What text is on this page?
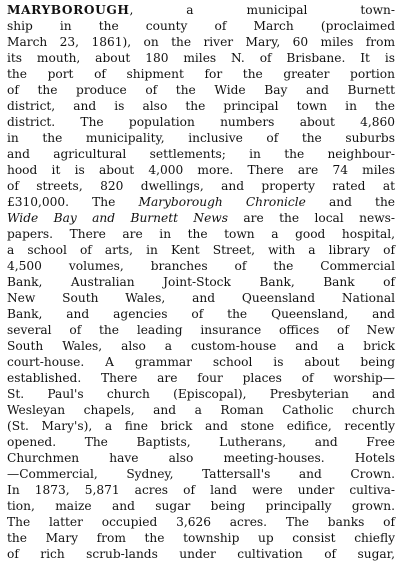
MARYBOROUGH, a municipal town-
ship in the county of March (proclaimed
March 23, 1861), on the river Mary, 60 miles from
its mouth, about 180 miles N. of Brisbane. It is
the port of shipment for the greater portion
of the produce of the Wide Bay and Burnett
district, and is also the principal town in the
district. The population numbers about 4,860
in the municipality, inclusive of the suburbs
and agricultural settlements; in the neighbour-
hood it is about 4,000 more. There are 74 miles
of streets, 820 dwellings, and property rated at
£310,000. The Maryborough Chronicle and the
Wide Bay and Burnett News are the local news-
papers. There are in the town a good hospital,
a school of arts, in Kent Street, with a library of
4,500 volumes, branches of the Commercial
Bank, Australian Joint-Stock Bank, Bank of
New South Wales, and Queensland National
Bank, and agencies of the Queensland, and
several of the leading insurance offices of New
South Wales, also a custom-house and a brick
court-house. A grammar school is about being
established. There are four places of worship—
St. Paul's church (Episcopal), Presbyterian and
Wesleyan chapels, and a Roman Catholic church
(St. Mary's), a fine brick and stone edifice, recently
opened. The Baptists, Lutherans, and Free
Churchmen have also meeting-houses. Hotels
—Commercial, Sydney, Tattersall's and Crown.
In 1873, 5,871 acres of land were under cultiva-
tion, maize and sugar being principally grown.
The latter occupied 3,626 acres. The banks of
the Mary from the township up consist chiefly
of rich scrub-lands under cultivation of sugar,
